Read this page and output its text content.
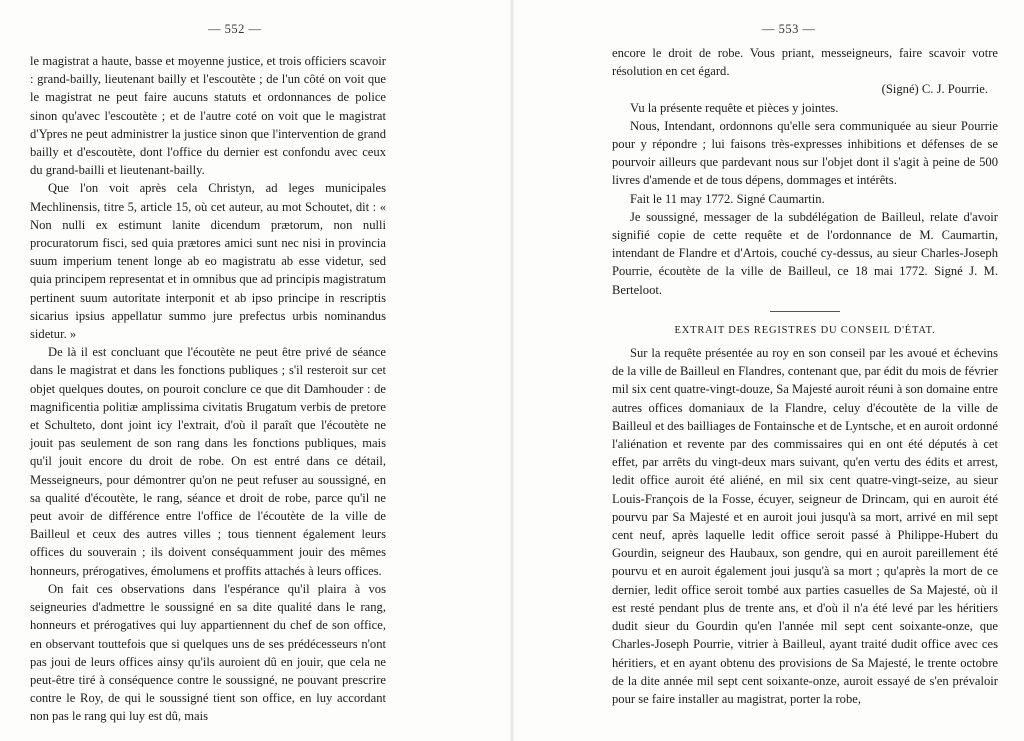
— 552 —

le magistrat a haute, basse et moyenne justice, et trois officiers scavoir : grand-bailly, lieutenant bailly et l'escoutète ; de l'un côté on voit que le magistrat ne peut faire aucuns statuts et ordonnances de police sinon qu'avec l'escoutète ; et de l'autre coté on voit que le magistrat d'Ypres ne peut administrer la justice sinon que l'intervention de grand bailly et d'escoutète, dont l'office du dernier est confondu avec ceux du grand-bailli et lieutenant-bailly.

Que l'on voit après cela Christyn, ad leges municipales Mechlinensis, titre 5, article 15, où cet auteur, au mot Schoutet, dit : « Non nulli ex estimunt lanite dicendum prætorum, non nulli procuratorum fisci, sed quia prætores amici sunt nec nisi in provincia suum imperium tenent longe ab eo magistratu ab esse videtur, sed quia principem representat et in omnibus que ad principis magistratum pertinent suum autoritate interponit et ab ipso principe in rescriptis sicarius ipsius appellatur summo jure prefectus urbis nominandus sidetur. »

De là il est concluant que l'écoutète ne peut être privé de séance dans le magistrat et dans les fonctions publiques ; s'il resteroit sur cet objet quelques doutes, on pouroit conclure ce que dit Damhouder : de magnificentia politiæ amplissima civitatis Brugatum verbis de pretore et Schulteto, dont joint icy l'extrait, d'où il paraît que l'écoutète ne jouit pas seulement de son rang dans les fonctions publiques, mais qu'il jouit encore du droit de robe. On est entré dans ce détail, Messeigneurs, pour démontrer qu'on ne peut refuser au soussigné, en sa qualité d'écoutète, le rang, séance et droit de robe, parce qu'il ne peut avoir de différence entre l'office de l'écoutète de la ville de Bailleul et ceux des autres villes ; tous tiennent également leurs offices du souverain ; ils doivent conséquamment jouir des mêmes honneurs, prérogatives, émolumens et proffits attachés à leurs offices.

On fait ces observations dans l'espérance qu'il plaira à vos seigneuries d'admettre le soussigné en sa dite qualité dans le rang, honneurs et prérogatives qui luy appartiennent du chef de son office, en observant touttefois que si quelques uns de ses prédécesseurs n'ont pas joui de leurs offices ainsy qu'ils auroient dû en jouir, que cela ne peut-être tiré à conséquence contre le soussigné, ne pouvant prescrire contre le Roy, de qui le soussigné tient son office, en luy accordant non pas le rang qui luy est dû, mais

— 553 —

encore le droit de robe. Vous priant, messeigneurs, faire scavoir votre résolution en cet égard.

(Signé) C. J. Pourrie.

Vu la présente requête et pièces y jointes.

Nous, Intendant, ordonnons qu'elle sera communiquée au sieur Pourrie pour y répondre ; lui faisons très-expresses inhibitions et défenses de se pourvoir ailleurs que pardevant nous sur l'objet dont il s'agit à peine de 500 livres d'amende et de tous dépens, dommages et intérêts.

Fait le 11 may 1772. Signé Caumartin.

Je soussigné, messager de la subdélégation de Bailleul, relate d'avoir signifié copie de cette requête et de l'ordonnance de M. Caumartin, intendant de Flandre et d'Artois, couché cy-dessus, au sieur Charles-Joseph Pourrie, écoutète de la ville de Bailleul, ce 18 mai 1772. Signé J. M. Berteloot.

EXTRAIT DES REGISTRES DU CONSEIL D'ÉTAT.

Sur la requête présentée au roy en son conseil par les avoué et échevins de la ville de Bailleul en Flandres, contenant que, par édit du mois de février mil six cent quatre-vingt-douze, Sa Majesté auroit réuni à son domaine entre autres offices domaniaux de la Flandre, celuy d'écoutète de la ville de Bailleul et des bailliages de Fontainsche et de Lyntsche, et en auroit ordonné l'aliénation et revente par des commissaires qui en ont été députés à cet effet, par arrêts du vingt-deux mars suivant, qu'en vertu des édits et arrest, ledit office auroit été aliéné, en mil six cent quatre-vingt-seize, au sieur Louis-François de la Fosse, écuyer, seigneur de Drincam, qui en auroit été pourvu par Sa Majesté et en auroit joui jusqu'à sa mort, arrivé en mil sept cent neuf, après laquelle ledit office seroit passé à Philippe-Hubert du Gourdin, seigneur des Haubaux, son gendre, qui en auroit pareillement été pourvu et en auroit également joui jusqu'à sa mort ; qu'après la mort de ce dernier, ledit office seroit tombé aux parties casuelles de Sa Majesté, où il est resté pendant plus de trente ans, et d'où il n'a été levé par les héritiers dudit sieur du Gourdin qu'en l'année mil sept cent soixante-onze, que Charles-Joseph Pourrie, vitrier à Bailleul, ayant traité dudit office avec ces héritiers, et en ayant obtenu des provisions de Sa Majesté, le trente octobre de la dite année mil sept cent soixante-onze, auroit essayé de s'en prévaloir pour se faire installer au magistrat, porter la robe,
